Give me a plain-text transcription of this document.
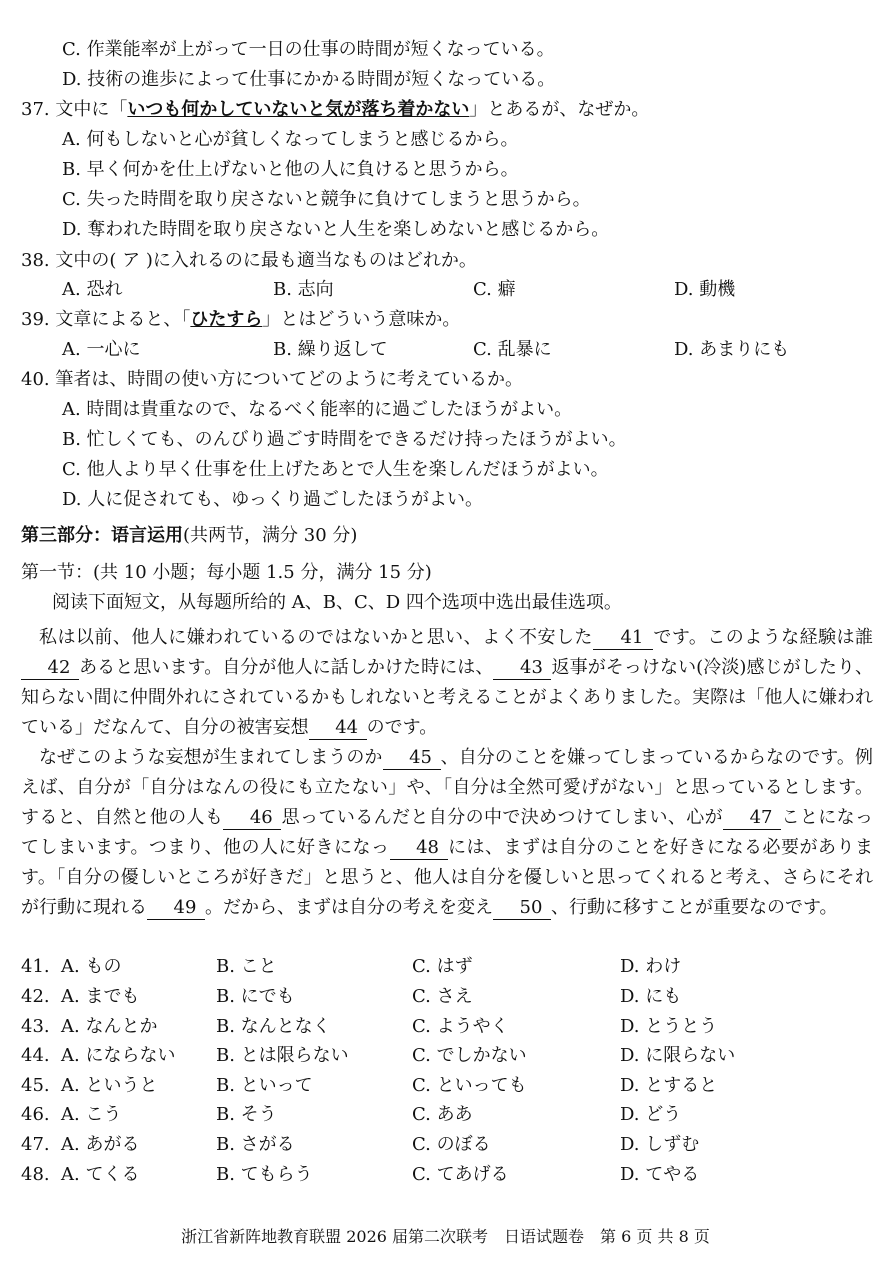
C. 作業能率が上がって一日の仕事の時間が短くなっている。
D. 技術の進歩によって仕事にかかる時間が短くなっている。
37. 文中に「いつも何かしていないと気が落ち着かない」とあるが、なぜか。
A. 何もしないと心が貧しくなってしまうと感じるから。
B. 早く何かを仕上げないと他の人に負けると思うから。
C. 失った時間を取り戻さないと競争に負けてしまうと思うから。
D. 奪われた時間を取り戻さないと人生を楽しめないと感じるから。
38. 文中の( ア )に入れるのに最も適当なものはどれか。
A. 恐れ	B. 志向	C. 癖	D. 動機
39. 文章によると、「ひたすら」とはどういう意味か。
A. 一心に	B. 繰り返して	C. 乱暴に	D. あまりにも
40. 筆者は、時間の使い方についてどのように考えているか。
A. 時間は貴重なので、なるべく能率的に過ごしたほうがよい。
B. 忙しくても、のんびり過ごす時間をできるだけ持ったほうがよい。
C. 他人より早く仕事を仕上げたあとで人生を楽しんだほうがよい。
D. 人に促されても、ゆっくり過ごしたほうがよい。
第三部分：语言运用(共两节，满分 30 分)
第一节：(共 10 小题；每小题 1.5 分，满分 15 分)
阅读下面短文，从每题所给的 A、B、C、D 四个选项中选出最佳选项。
私は以前、他人に嫌われているのではないかと思い、よく不安した 41 です。このような経験は誰42 あると思います。自分が他人に話しかけた時には、 43 返事がそっけない(冷淡)感じがしたり、知らない間に仲間外れにされているかもしれないと考えることがよくありました。実際は「他人に嫌われている」だなんて、自分の被害妄想 44 のです。
なぜこのような妄想が生まれてしまうのか 45 、自分のことを嫌ってしまっているからなのです。例えば、自分が「自分はなんの役にも立たない」や、「自分は全然可愛げがない」と思っているとします。すると、自然と他の人も 46 思っているんだと自分の中で決めつけてしまい、心が 47 ことになってしまいます。つまり、他の人に好きになっ 48 には、まずは自分のことを好きになる必要があります。「自分の優しいところが好きだ」と思うと、他人は自分を優しいと思ってくれると考え、さらにそれが行動に現れる 49 。だから、まずは自分の考えを変え 50 、行動に移すことが重要なのです。
41. A. もの	B. こと	C. はず	D. わけ
42. A. までも	B. にでも	C. さえ	D. にも
43. A. なんとか	B. なんとなく	C. ようやく	D. とうとう
44. A. にならない B. とは限らない	C. でしかない	D. に限らない
45. A. というと	B. といって	C. といっても	D. とすると
46. A. こう	B. そう	C. ああ	D. どう
47. A. あがる	B. さがる	C. のぼる	D. しずむ
48. A. てくる	B. てもらう	C. てあげる	D. てやる
浙江省新阵地教育联盟 2026 届第二次联考　日语试题卷　第 6 页 共 8 页
